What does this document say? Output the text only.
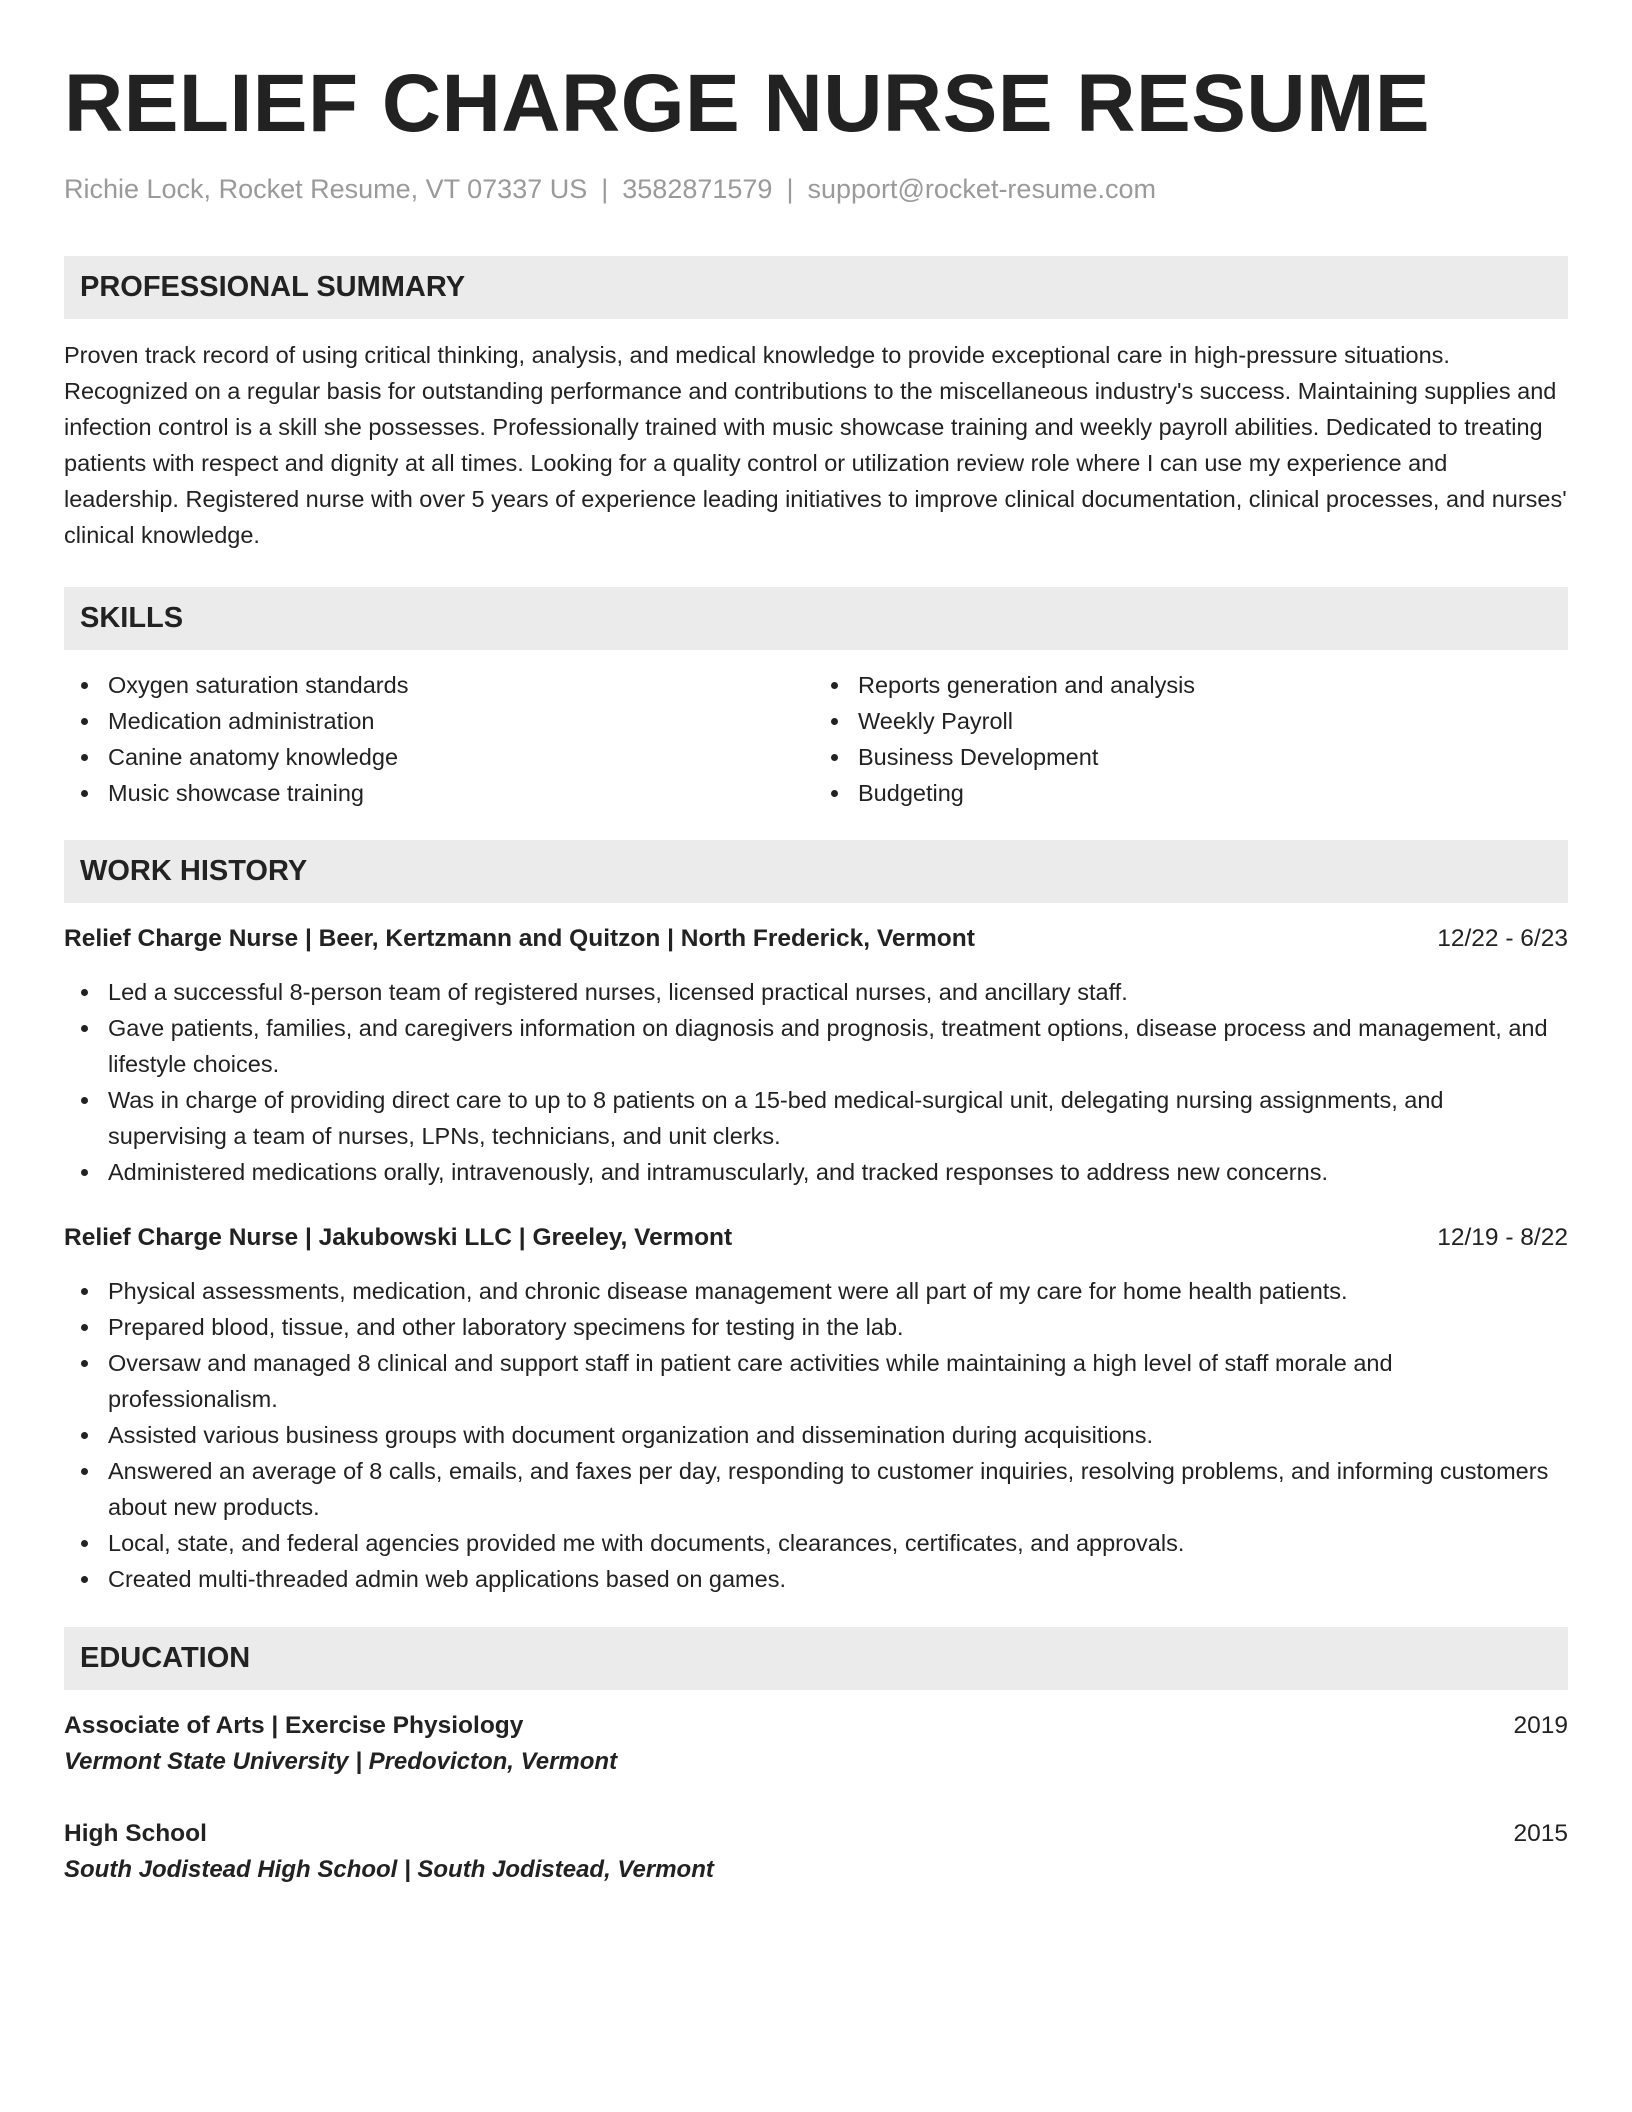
RELIEF CHARGE NURSE RESUME
Richie Lock, Rocket Resume, VT 07337 US | 3582871579 | support@rocket-resume.com
PROFESSIONAL SUMMARY
Proven track record of using critical thinking, analysis, and medical knowledge to provide exceptional care in high-pressure situations. Recognized on a regular basis for outstanding performance and contributions to the miscellaneous industry's success. Maintaining supplies and infection control is a skill she possesses. Professionally trained with music showcase training and weekly payroll abilities. Dedicated to treating patients with respect and dignity at all times. Looking for a quality control or utilization review role where I can use my experience and leadership. Registered nurse with over 5 years of experience leading initiatives to improve clinical documentation, clinical processes, and nurses' clinical knowledge.
SKILLS
Oxygen saturation standards
Medication administration
Canine anatomy knowledge
Music showcase training
Reports generation and analysis
Weekly Payroll
Business Development
Budgeting
WORK HISTORY
Relief Charge Nurse | Beer, Kertzmann and Quitzon | North Frederick, Vermont	12/22 - 6/23
Led a successful 8-person team of registered nurses, licensed practical nurses, and ancillary staff.
Gave patients, families, and caregivers information on diagnosis and prognosis, treatment options, disease process and management, and lifestyle choices.
Was in charge of providing direct care to up to 8 patients on a 15-bed medical-surgical unit, delegating nursing assignments, and supervising a team of nurses, LPNs, technicians, and unit clerks.
Administered medications orally, intravenously, and intramuscularly, and tracked responses to address new concerns.
Relief Charge Nurse | Jakubowski LLC | Greeley, Vermont	12/19 - 8/22
Physical assessments, medication, and chronic disease management were all part of my care for home health patients.
Prepared blood, tissue, and other laboratory specimens for testing in the lab.
Oversaw and managed 8 clinical and support staff in patient care activities while maintaining a high level of staff morale and professionalism.
Assisted various business groups with document organization and dissemination during acquisitions.
Answered an average of 8 calls, emails, and faxes per day, responding to customer inquiries, resolving problems, and informing customers about new products.
Local, state, and federal agencies provided me with documents, clearances, certificates, and approvals.
Created multi-threaded admin web applications based on games.
EDUCATION
Associate of Arts | Exercise Physiology	2019
Vermont State University | Predovicton, Vermont
High School	2015
South Jodistead High School | South Jodistead, Vermont
